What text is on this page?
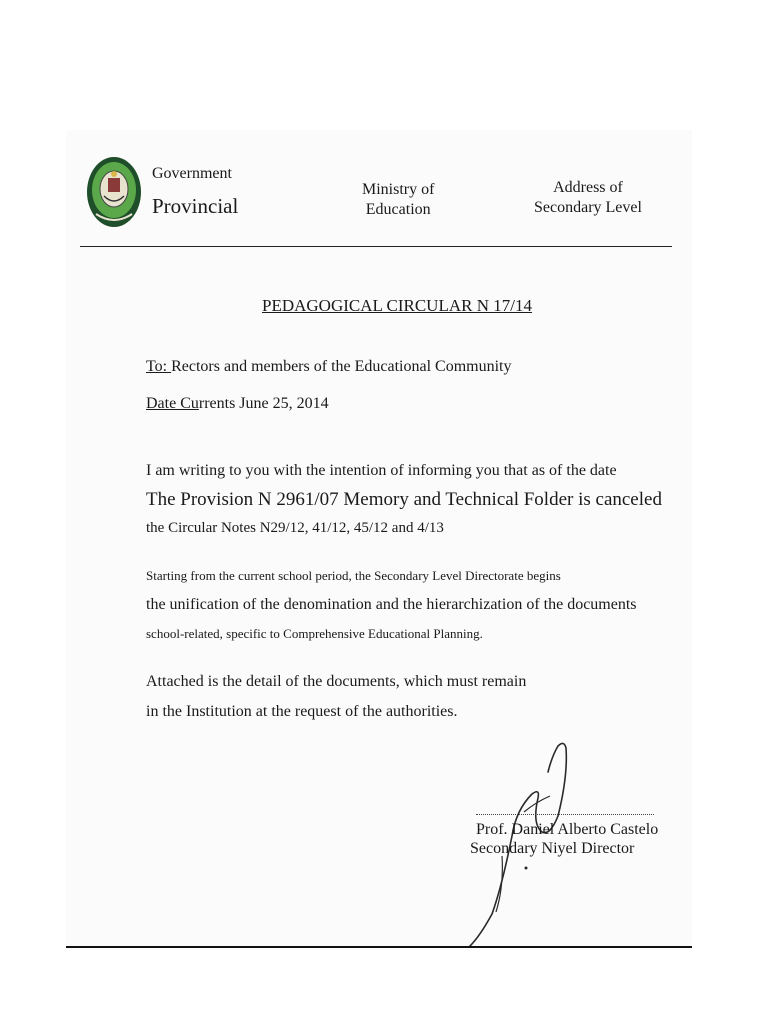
Government
Provincial
Ministry of
Education
Address of
Secondary Level
PEDAGOGICAL CIRCULAR N 17/14
To: Rectors and members of the Educational Community
Date Currents June 25, 2014
I am writing to you with the intention of informing you that as of the date
The Provision N 2961/07 Memory and Technical Folder is canceled
the Circular Notes N29/12, 41/12, 45/12 and 4/13
Starting from the current school period, the Secondary Level Directorate begins
the unification of the denomination and the hierarchization of the documents
school-related, specific to Comprehensive Educational Planning.
Attached is the detail of the documents, which must remain
in the Institution at the request of the authorities.
Prof. Daniel Alberto Castelo
Secondary Niyel Director
